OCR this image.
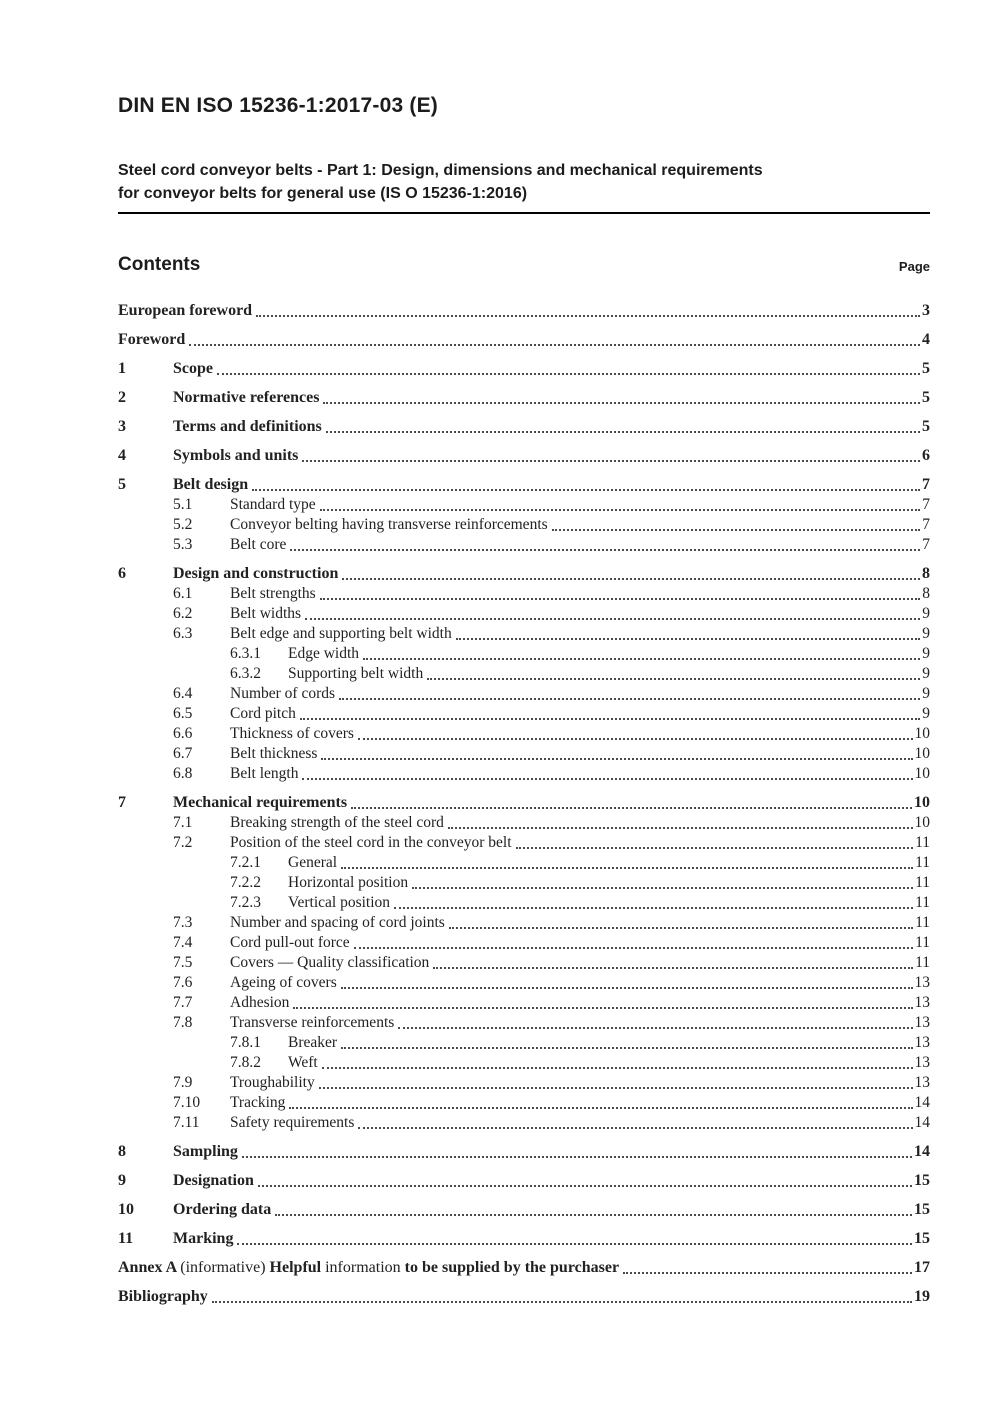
DIN EN ISO 15236-1:2017-03 (E)
Steel cord conveyor belts - Part 1: Design, dimensions and mechanical requirements
for conveyor belts for general use (IS O 15236-1:2016)
Contents	Page
European foreword	3
Foreword	4
1	Scope	5
2	Normative references	5
3	Terms and definitions	5
4	Symbols and units	6
5	Belt design	7
5.1	Standard type	7
5.2	Conveyor belting having transverse reinforcements	7
5.3	Belt core	7
6	Design and construction	8
6.1	Belt strengths	8
6.2	Belt widths	9
6.3	Belt edge and supporting belt width	9
6.3.1	Edge width	9
6.3.2	Supporting belt width	9
6.4	Number of cords	9
6.5	Cord pitch	9
6.6	Thickness of covers	10
6.7	Belt thickness	10
6.8	Belt length	10
7	Mechanical requirements	10
7.1	Breaking strength of the steel cord	10
7.2	Position of the steel cord in the conveyor belt	11
7.2.1	General	11
7.2.2	Horizontal position	11
7.2.3	Vertical position	11
7.3	Number and spacing of cord joints	11
7.4	Cord pull-out force	11
7.5	Covers — Quality classification	11
7.6	Ageing of covers	13
7.7	Adhesion	13
7.8	Transverse reinforcements	13
7.8.1	Breaker	13
7.8.2	Weft	13
7.9	Troughability	13
7.10	Tracking	14
7.11	Safety requirements	14
8	Sampling	14
9	Designation	15
10	Ordering data	15
11	Marking	15
Annex A (informative) Helpful information to be supplied by the purchaser	17
Bibliography	19
